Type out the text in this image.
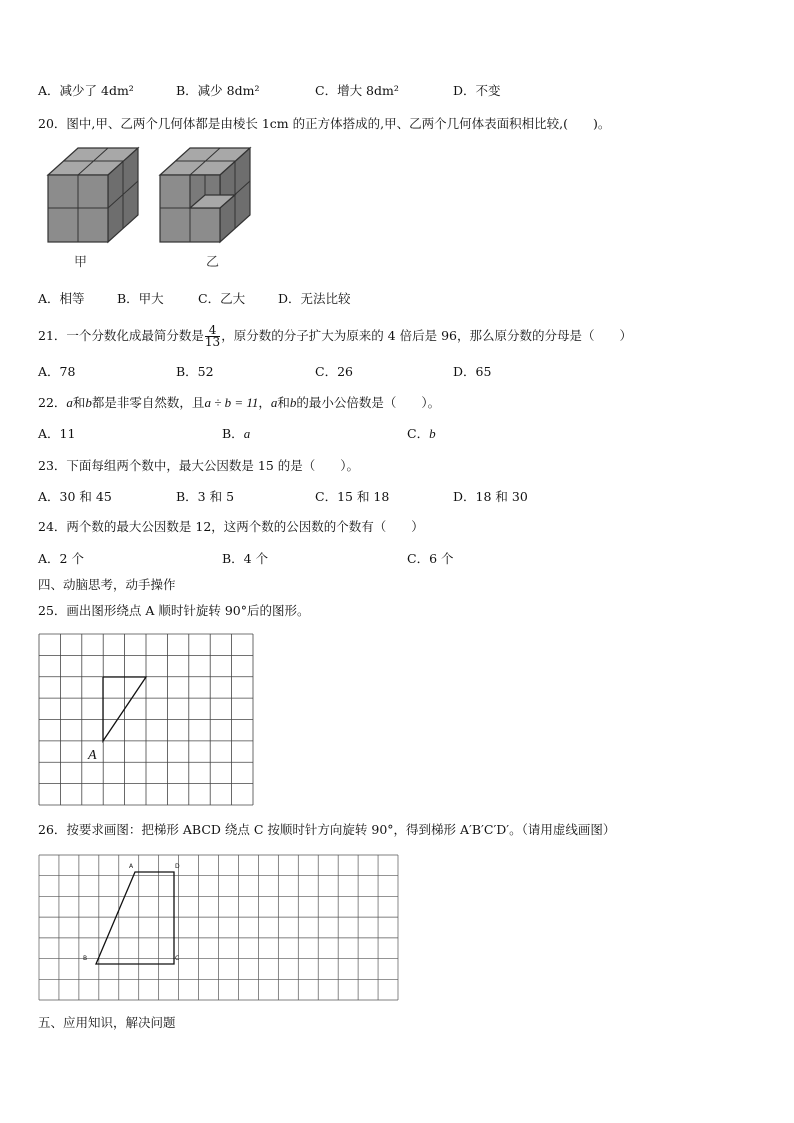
A．减少了 4dm²	B．减少 8dm²	C．增大 8dm²	D．不变
20．图中,甲、乙两个几何体都是由棱长 1cm 的正方体搭成的,甲、乙两个几何体表面积相比较,(　　)。
甲	乙
A．相等	B．甲大	C．乙大	D．无法比较
21．一个分数化成最简分数是 $\frac{4}{13}$ ，原分数的分子扩大为原来的 4 倍后是 96，那么原分数的分母是（　　）
A．78	B．52	C．26	D．65
22．a和b都是非零自然数，且a ÷ b = 11，a和b的最小公倍数是（　　）。
A．11	B．a	C．b
23．下面每组两个数中，最大公因数是 15 的是（　　）。
A．30 和 45	B．3 和 5	C．15 和 18	D．18 和 30
24．两个数的最大公因数是 12，这两个数的公因数的个数有（　　）
A．2 个	B．4 个	C．6 个
四、动脑思考，动手操作
25．画出图形绕点 A 顺时针旋转 90°后的图形。
A
26．按要求画图：把梯形 ABCD 绕点 C 按顺时针方向旋转 90°，得到梯形 A′B′C′D′。（请用虚线画图）
A
B	C
D
五、应用知识，解决问题
